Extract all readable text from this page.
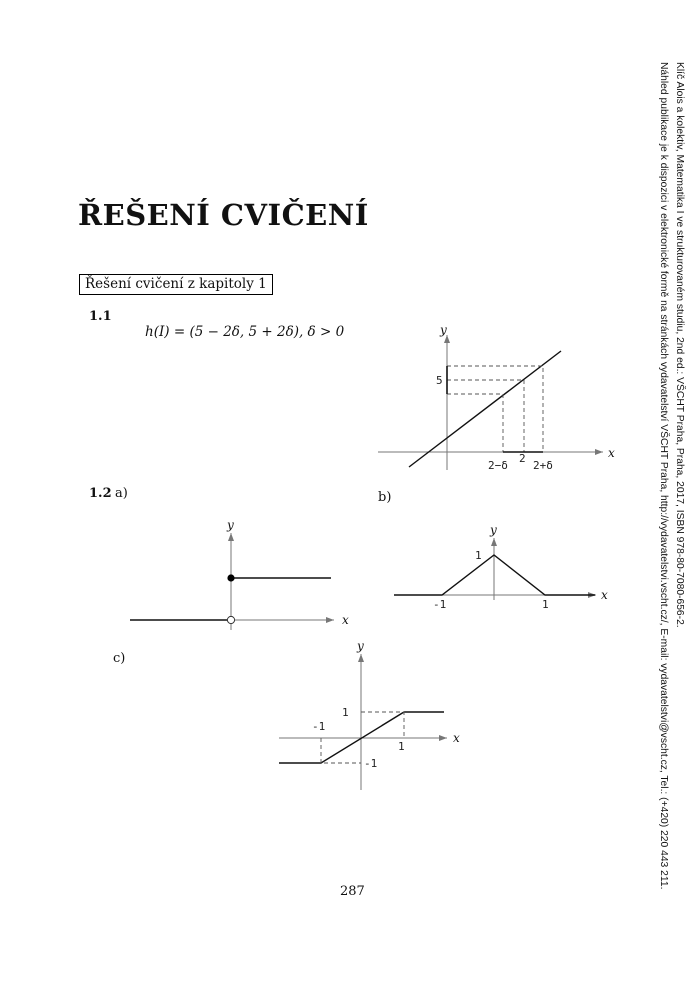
ŘEŠENÍ CVIČENÍ
Řešení cvičení z kapitoly 1
1.1
h(I) = (5 − 2δ, 5 + 2δ), δ > 0
b)
1.2 a)
c)
x
y
5
2−δ
2
2+δ
x
y
x
y
1
-1	1
x
y
1
-1
1
-1
287
Klíč Alois a kolektiv, Matematika I ve strukturovaném studiu, 2nd ed.: VŠCHT Praha, Praha, 2017, ISBN 978-80-7080-656-2.
Náhled publikace je k dispozici v elektronické formě na stránkách vydavatelství VŠCHT Praha, http://vydavatelstvi.vscht.cz/, E-mail: vydavatelstvi@vscht.cz, Tel.: (+420) 220 443 211.
